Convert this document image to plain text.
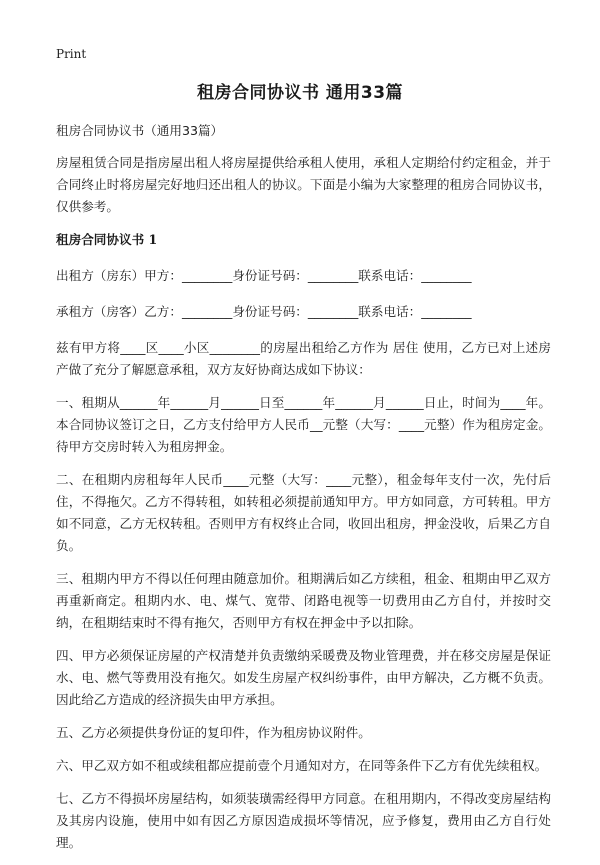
Print
租房合同协议书 通用33篇

租房合同协议书（通用33篇）

房屋租赁合同是指房屋出租人将房屋提供给承租人使用，承租人定期给付约定租金，并于合同终止时将房屋完好地归还出租人的协议。下面是小编为大家整理的租房合同协议书，仅供参考。

租房合同协议书 1

出租方（房东）甲方：________身份证号码：________联系电话：________

承租方（房客）乙方：________身份证号码：________联系电话：________

兹有甲方将____区____小区________的房屋出租给乙方作为 居住 使用，乙方已对上述房产做了充分了解愿意承租，双方友好协商达成如下协议：

一、租期从______年______月______日至______年______月______日止，时间为____年。本合同协议签订之日，乙方支付给甲方人民币__元整（大写：____元整）作为租房定金。待甲方交房时转入为租房押金。

二、在租期内房租每年人民币____元整（大写：____元整），租金每年支付一次，先付后住，不得拖欠。乙方不得转租，如转租必须提前通知甲方。甲方如同意，方可转租。甲方如不同意，乙方无权转租。否则甲方有权终止合同，收回出租房，押金没收，后果乙方自负。

三、租期内甲方不得以任何理由随意加价。租期满后如乙方续租，租金、租期由甲乙双方再重新商定。租期内水、电、煤气、宽带、闭路电视等一切费用由乙方自付，并按时交纳，在租期结束时不得有拖欠，否则甲方有权在押金中予以扣除。

四、甲方必须保证房屋的产权清楚并负责缴纳采暖费及物业管理费，并在移交房屋是保证水、电、燃气等费用没有拖欠。如发生房屋产权纠纷事件，由甲方解决，乙方概不负责。因此给乙方造成的经济损失由甲方承担。

五、乙方必须提供身份证的复印件，作为租房协议附件。

六、甲乙双方如不租或续租都应提前壹个月通知对方，在同等条件下乙方有优先续租权。

七、乙方不得损坏房屋结构，如须装璜需经得甲方同意。在租用期内，不得改变房屋结构及其房内设施，使用中如有因乙方原因造成损坏等情况，应予修复，费用由乙方自行处理。
